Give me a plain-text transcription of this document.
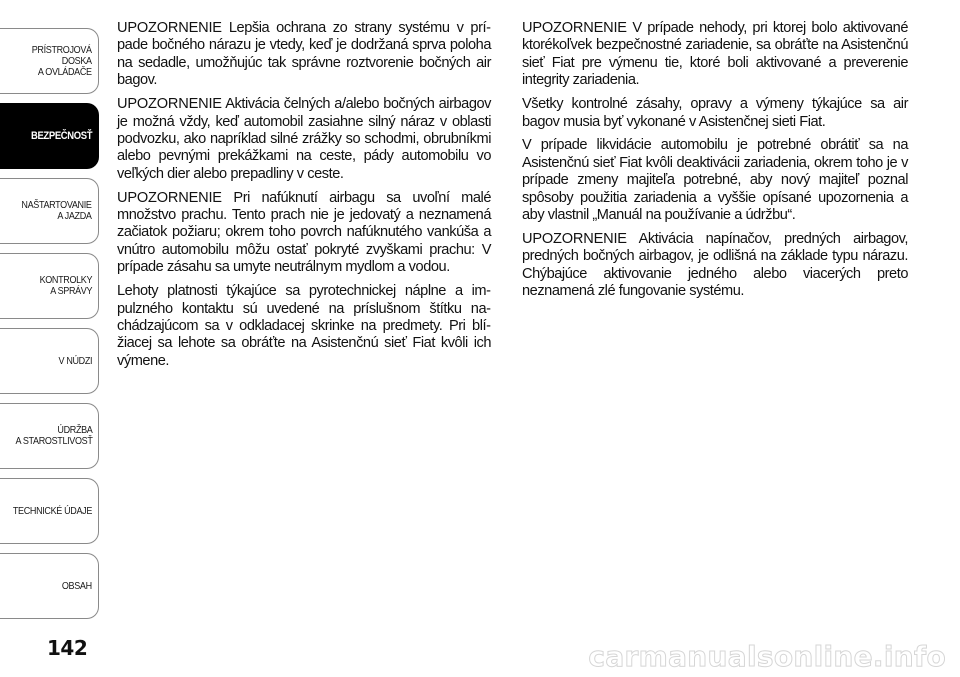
PRÍSTROJOVÁ
DOSKA
A OVLÁDAČE
BEZPEČNOSŤ
NAŠTARTOVANIE
A JAZDA
KONTROLKY
A SPRÁVY
V NÚDZI
ÚDRŽBA
A STAROSTLIVOSŤ
TECHNICKÉ ÚDAJE
OBSAH
142

UPOZORNENIE Lepšia ochrana zo strany systému v prípade bočného nárazu je vtedy, keď je dodržaná sprva poloha na sedadle, umožňujúc tak správne roztvorenie bočných air bagov.

UPOZORNENIE Aktivácia čelných a/alebo bočných airbagov je možná vždy, keď automobil zasiahne silný náraz v oblasti podvozku, ako napríklad silné zrážky so schodmi, obrubníkmi alebo pevnými prekážkami na ceste, pády automobilu vo veľkých dier alebo prepadliny v ceste.

UPOZORNENIE Pri nafúknutí airbagu sa uvoľní malé množstvo prachu. Tento prach nie je jedovatý a neznamená začiatok požiaru; okrem toho povrch nafúknutého vankúša a vnútro automobilu môžu ostať pokryté zvyškami prachu: V prípade zásahu sa umyte neutrálnym mydlom a vodou.

Lehoty platnosti týkajúce sa pyrotechnickej náplne a impulzného kontaktu sú uvedené na príslušnom štítku nachádzajúcom sa v odkladacej skrinke na predmety. Pri blížiacej sa lehote sa obráťte na Asistenčnú sieť Fiat kvôli ich výmene.

UPOZORNENIE V prípade nehody, pri ktorej bolo aktivované ktorékoľvek bezpečnostné zariadenie, sa obráťte na Asistenčnú sieť Fiat pre výmenu tie, ktoré boli aktivované a preverenie integrity zariadenia.

Všetky kontrolné zásahy, opravy a výmeny týkajúce sa air bagov musia byť vykonané v Asistenčnej sieti Fiat.

V prípade likvidácie automobilu je potrebné obrátiť sa na Asistenčnú sieť Fiat kvôli deaktivácii zariadenia, okrem toho je v prípade zmeny majiteľa potrebné, aby nový majiteľ poznal spôsoby použitia zariadenia a vyššie opísané upozornenia a aby vlastnil „Manuál na používanie a údržbu“.

UPOZORNENIE Aktivácia napínačov, predných airbagov, predných bočných airbagov, je odlišná na základe typu nárazu. Chýbajúce aktivovanie jedného alebo viacerých preto neznamená zlé fungovanie systému.

carmanualsonline.info
